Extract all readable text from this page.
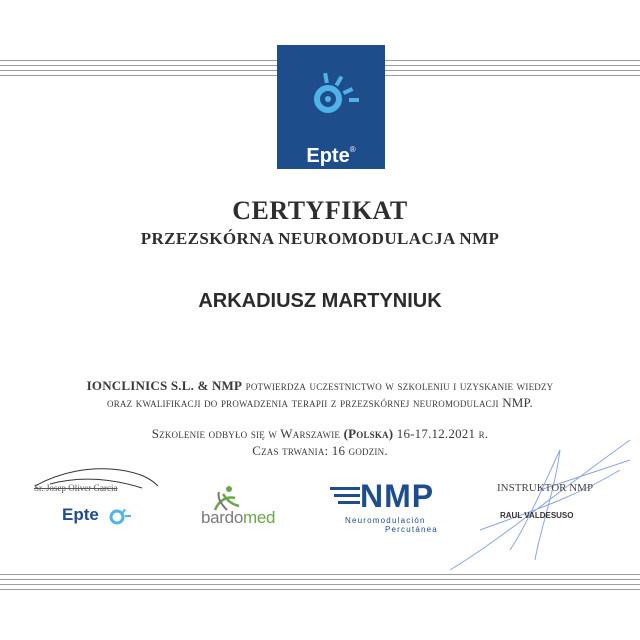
Epte®
CERTYFIKAT
PRZEZSKÓRNA NEUROMODULACJA NMP
ARKADIUSZ MARTYNIUK
IONCLINICS S.L. & NMP potwierdza uczestnictwo w szkoleniu i uzyskanie wiedzy
oraz kwalifikacji do prowadzenia terapii z przezskórnej neuromodulacji NMP.
Szkolenie odbyło się w Warszawie (Polska) 16-17.12.2021 r.
Czas trwania: 16 godzin.
Sr. Josep Oliver Garcia
Epte	bardomed
NMP
Neuromodulación
Percutánea
INSTRUKTOR NMP
RAUL VALDESUSO
